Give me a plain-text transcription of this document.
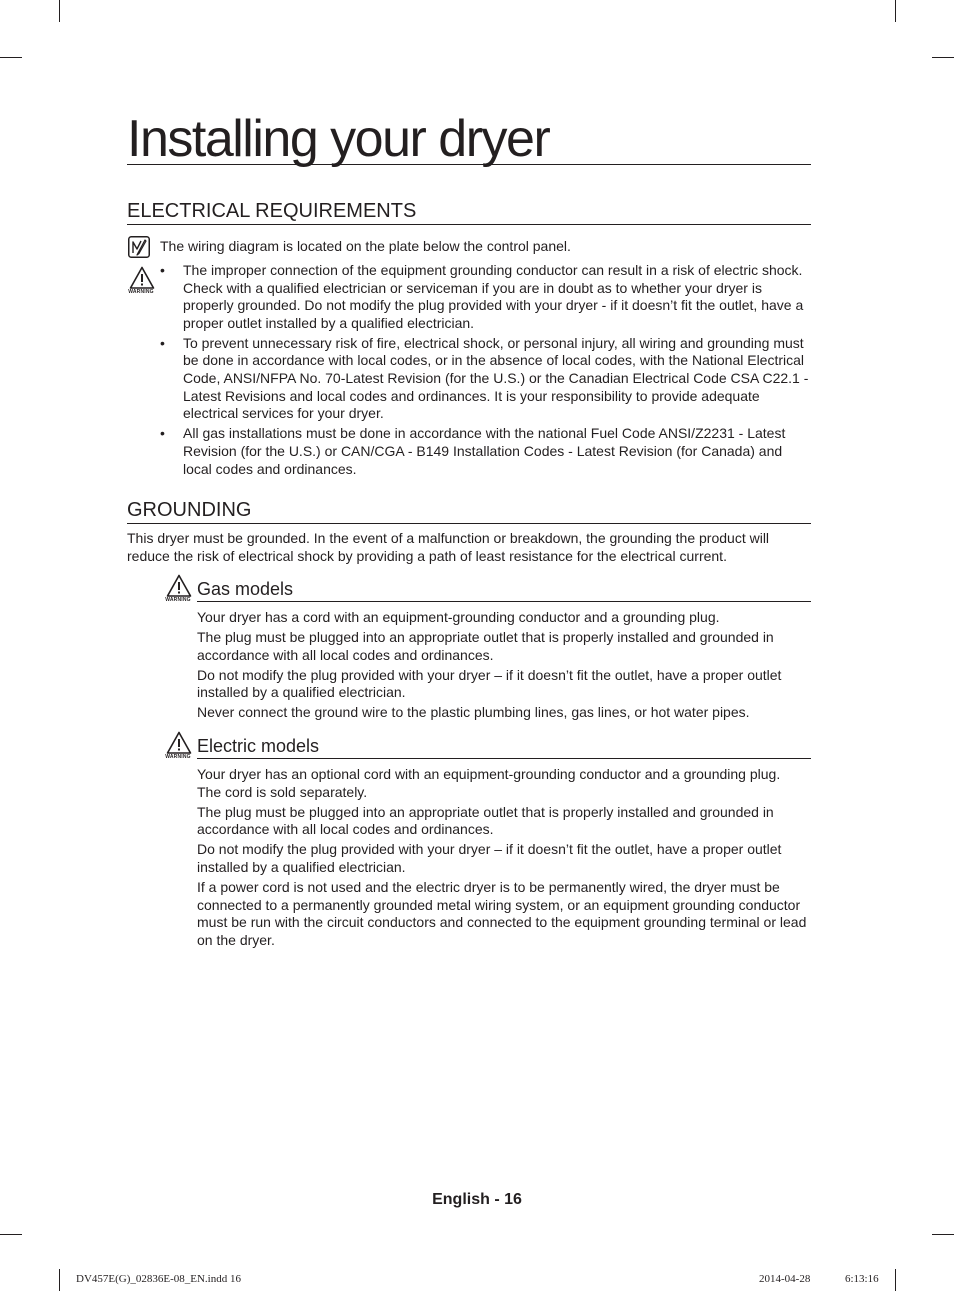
Installing your dryer
ELECTRICAL REQUIREMENTS
The wiring diagram is located on the plate below the control panel.
WARNING
• The improper connection of the equipment grounding conductor can result in a risk of electric shock. Check with a qualified electrician or serviceman if you are in doubt as to whether your dryer is properly grounded. Do not modify the plug provided with your dryer - if it doesn’t fit the outlet, have a proper outlet installed by a qualified electrician.
• To prevent unnecessary risk of fire, electrical shock, or personal injury, all wiring and grounding must be done in accordance with local codes, or in the absence of local codes, with the National Electrical Code, ANSI/NFPA No. 70-Latest Revision (for the U.S.) or the Canadian Electrical Code CSA C22.1 - Latest Revisions and local codes and ordinances. It is your responsibility to provide adequate electrical services for your dryer.
• All gas installations must be done in accordance with the national Fuel Code ANSI/Z2231 - Latest Revision (for the U.S.) or CAN/CGA - B149 Installation Codes - Latest Revision (for Canada) and local codes and ordinances.
GROUNDING
This dryer must be grounded. In the event of a malfunction or breakdown, the grounding the product will reduce the risk of electrical shock by providing a path of least resistance for the electrical current.
WARNING
Gas models

Your dryer has a cord with an equipment-grounding conductor and a grounding plug.

The plug must be plugged into an appropriate outlet that is properly installed and grounded in accordance with all local codes and ordinances.

Do not modify the plug provided with your dryer – if it doesn’t fit the outlet, have a proper outlet installed by a qualified electrician.

Never connect the ground wire to the plastic plumbing lines, gas lines, or hot water pipes.

WARNING
Electric models

Your dryer has an optional cord with an equipment-grounding conductor and a grounding plug. The cord is sold separately.

The plug must be plugged into an appropriate outlet that is properly installed and grounded in accordance with all local codes and ordinances.

Do not modify the plug provided with your dryer – if it doesn’t fit the outlet, have a proper outlet installed by a qualified electrician.

If a power cord is not used and the electric dryer is to be permanently wired, the dryer must be connected to a permanently grounded metal wiring system, or an equipment grounding conductor must be run with the circuit conductors and connected to the equipment grounding terminal or lead on the dryer.

English - 16
DV457E(G)_02836E-08_EN.indd 16	2014-04-28	6:13:16
